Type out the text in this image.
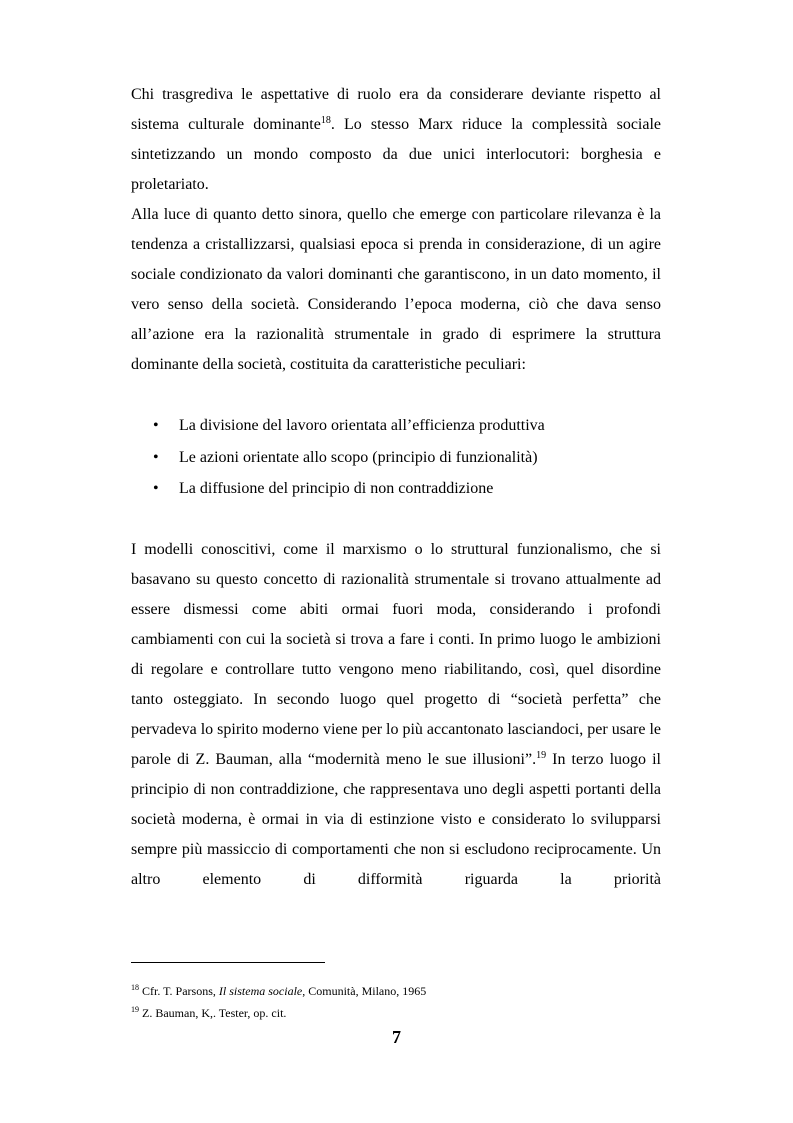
Chi trasgrediva le aspettative di ruolo era da considerare deviante rispetto al sistema culturale dominante$^{18}$. Lo stesso Marx riduce la complessità sociale sintetizzando un mondo composto da due unici interlocutori: borghesia e proletariato.

Alla luce di quanto detto sinora, quello che emerge con particolare rilevanza è la tendenza a cristallizzarsi, qualsiasi epoca si prenda in considerazione, di un agire sociale condizionato da valori dominanti che garantiscono, in un dato momento, il vero senso della società. Considerando l’epoca moderna, ciò che dava senso all’azione era la razionalità strumentale in grado di esprimere la struttura dominante della società, costituita da caratteristiche peculiari:

• La divisione del lavoro orientata all’efficienza produttiva
• Le azioni orientate allo scopo (principio di funzionalità)
• La diffusione del principio di non contraddizione

I modelli conoscitivi, come il marxismo o lo struttural funzionalismo, che si basavano su questo concetto di razionalità strumentale si trovano attualmente ad essere dismessi come abiti ormai fuori moda, considerando i profondi cambiamenti con cui la società si trova a fare i conti. In primo luogo le ambizioni di regolare e controllare tutto vengono meno riabilitando, così, quel disordine tanto osteggiato. In secondo luogo quel progetto di “società perfetta” che pervadeva lo spirito moderno viene per lo più accantonato lasciandoci, per usare le parole di Z. Bauman, alla “modernità meno le sue illusioni”.$^{19}$ In terzo luogo il principio di non contraddizione, che rappresentava uno degli aspetti portanti della società moderna, è ormai in via di estinzione visto e considerato lo svilupparsi sempre più massiccio di comportamenti che non si escludono reciprocamente. Un altro elemento di difformità riguarda la priorità

$^{18}$ Cfr. T. Parsons, Il sistema sociale, Comunità, Milano, 1965

$^{19}$ Z. Bauman, K,. Tester, op. cit.

7
